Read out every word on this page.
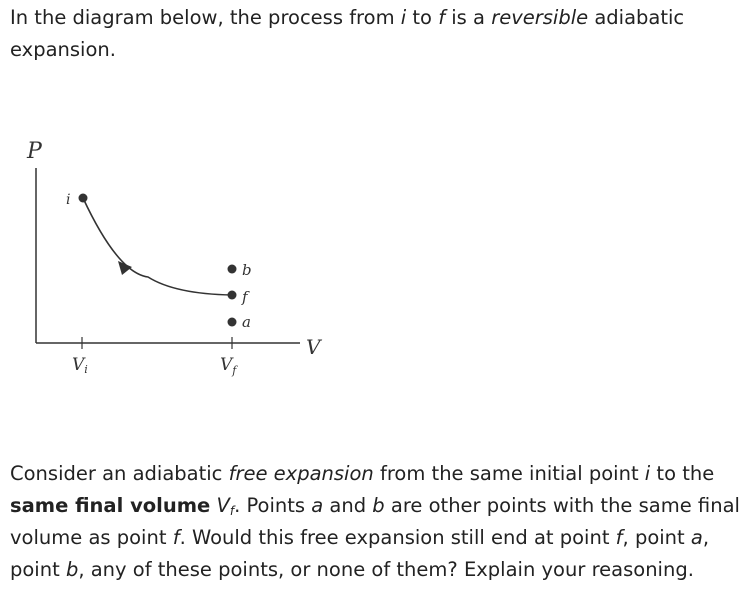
In the diagram below, the process from i to f is a reversible adiabatic
expansion.

P
V
Vi	$V_f$
i
b
f
a

Consider an adiabatic free expansion from the same initial point i to the
same final volume $V_f$. Points a and b are other points with the same final
volume as point f. Would this free expansion still end at point f, point a,
point b, any of these points, or none of them? Explain your reasoning.
